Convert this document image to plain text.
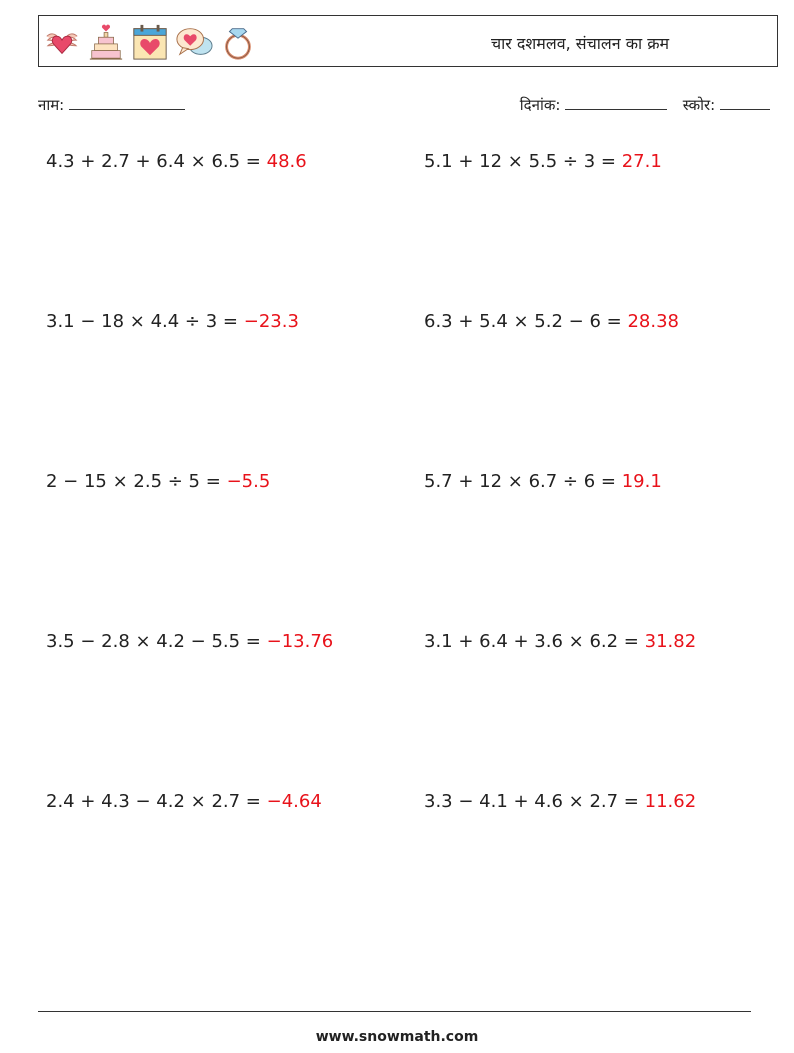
चार दशमलव, संचालन का क्रम
नाम:	दिनांक:	स्कोर:
4.3 + 2.7 + 6.4 × 6.5 = 48.6	5.1 + 12 × 5.5 ÷ 3 = 27.1
3.1 − 18 × 4.4 ÷ 3 = −23.3	6.3 + 5.4 × 5.2 − 6 = 28.38
2 − 15 × 2.5 ÷ 5 = −5.5	5.7 + 12 × 6.7 ÷ 6 = 19.1
3.5 − 2.8 × 4.2 − 5.5 = −13.76	3.1 + 6.4 + 3.6 × 6.2 = 31.82
2.4 + 4.3 − 4.2 × 2.7 = −4.64	3.3 − 4.1 + 4.6 × 2.7 = 11.62
www.snowmath.com
